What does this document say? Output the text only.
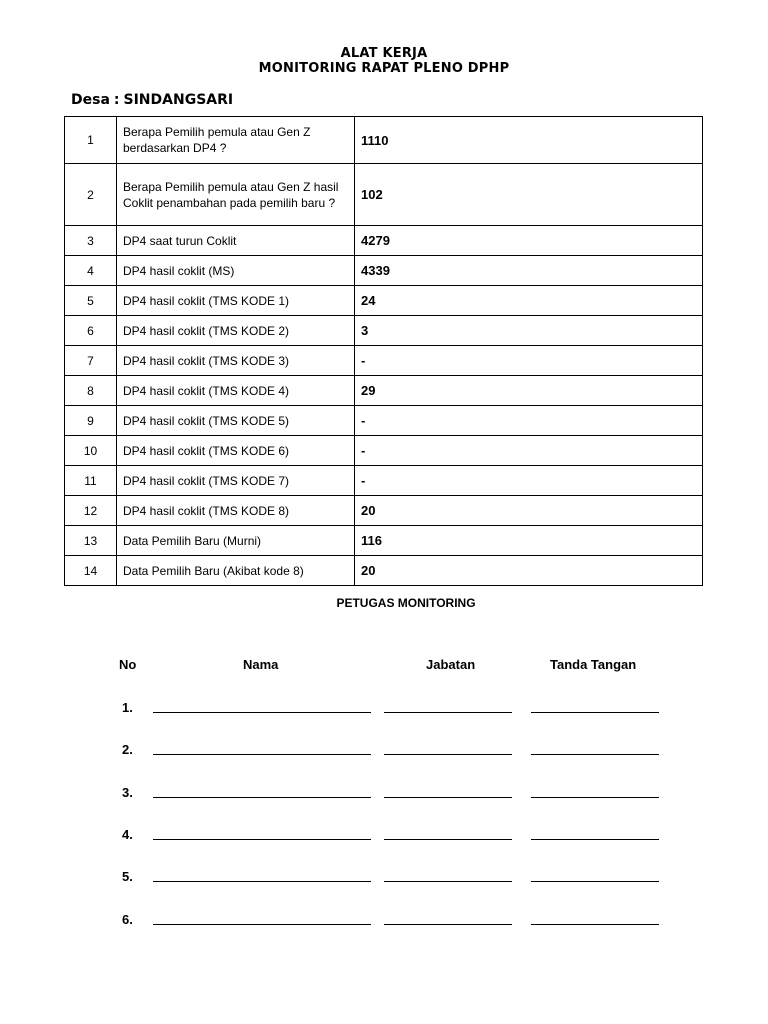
ALAT KERJA
MONITORING RAPAT PLENO DPHP
Desa : SINDANGSARI
1	Berapa Pemilih pemula atau Gen Z berdasarkan DP4 ?	1110
2	Berapa Pemilih pemula atau Gen Z hasil Coklit penambahan pada pemilih baru ?	102
3	DP4 saat turun Coklit	4279
4	DP4 hasil coklit (MS)	4339
5	DP4 hasil coklit (TMS KODE 1)	24
6	DP4 hasil coklit (TMS KODE 2)	3
7	DP4 hasil coklit (TMS KODE 3)	-
8	DP4 hasil coklit (TMS KODE 4)	29
9	DP4 hasil coklit (TMS KODE 5)	-
10	DP4 hasil coklit (TMS KODE 6)	-
11	DP4 hasil coklit (TMS KODE 7)	-
12	DP4 hasil coklit (TMS KODE 8)	20
13	Data Pemilih Baru (Murni)	116
14	Data Pemilih Baru (Akibat kode 8)	20
PETUGAS MONITORING
No	Nama	Jabatan	Tanda Tangan
1.
2.
3.
4.
5.
6.
